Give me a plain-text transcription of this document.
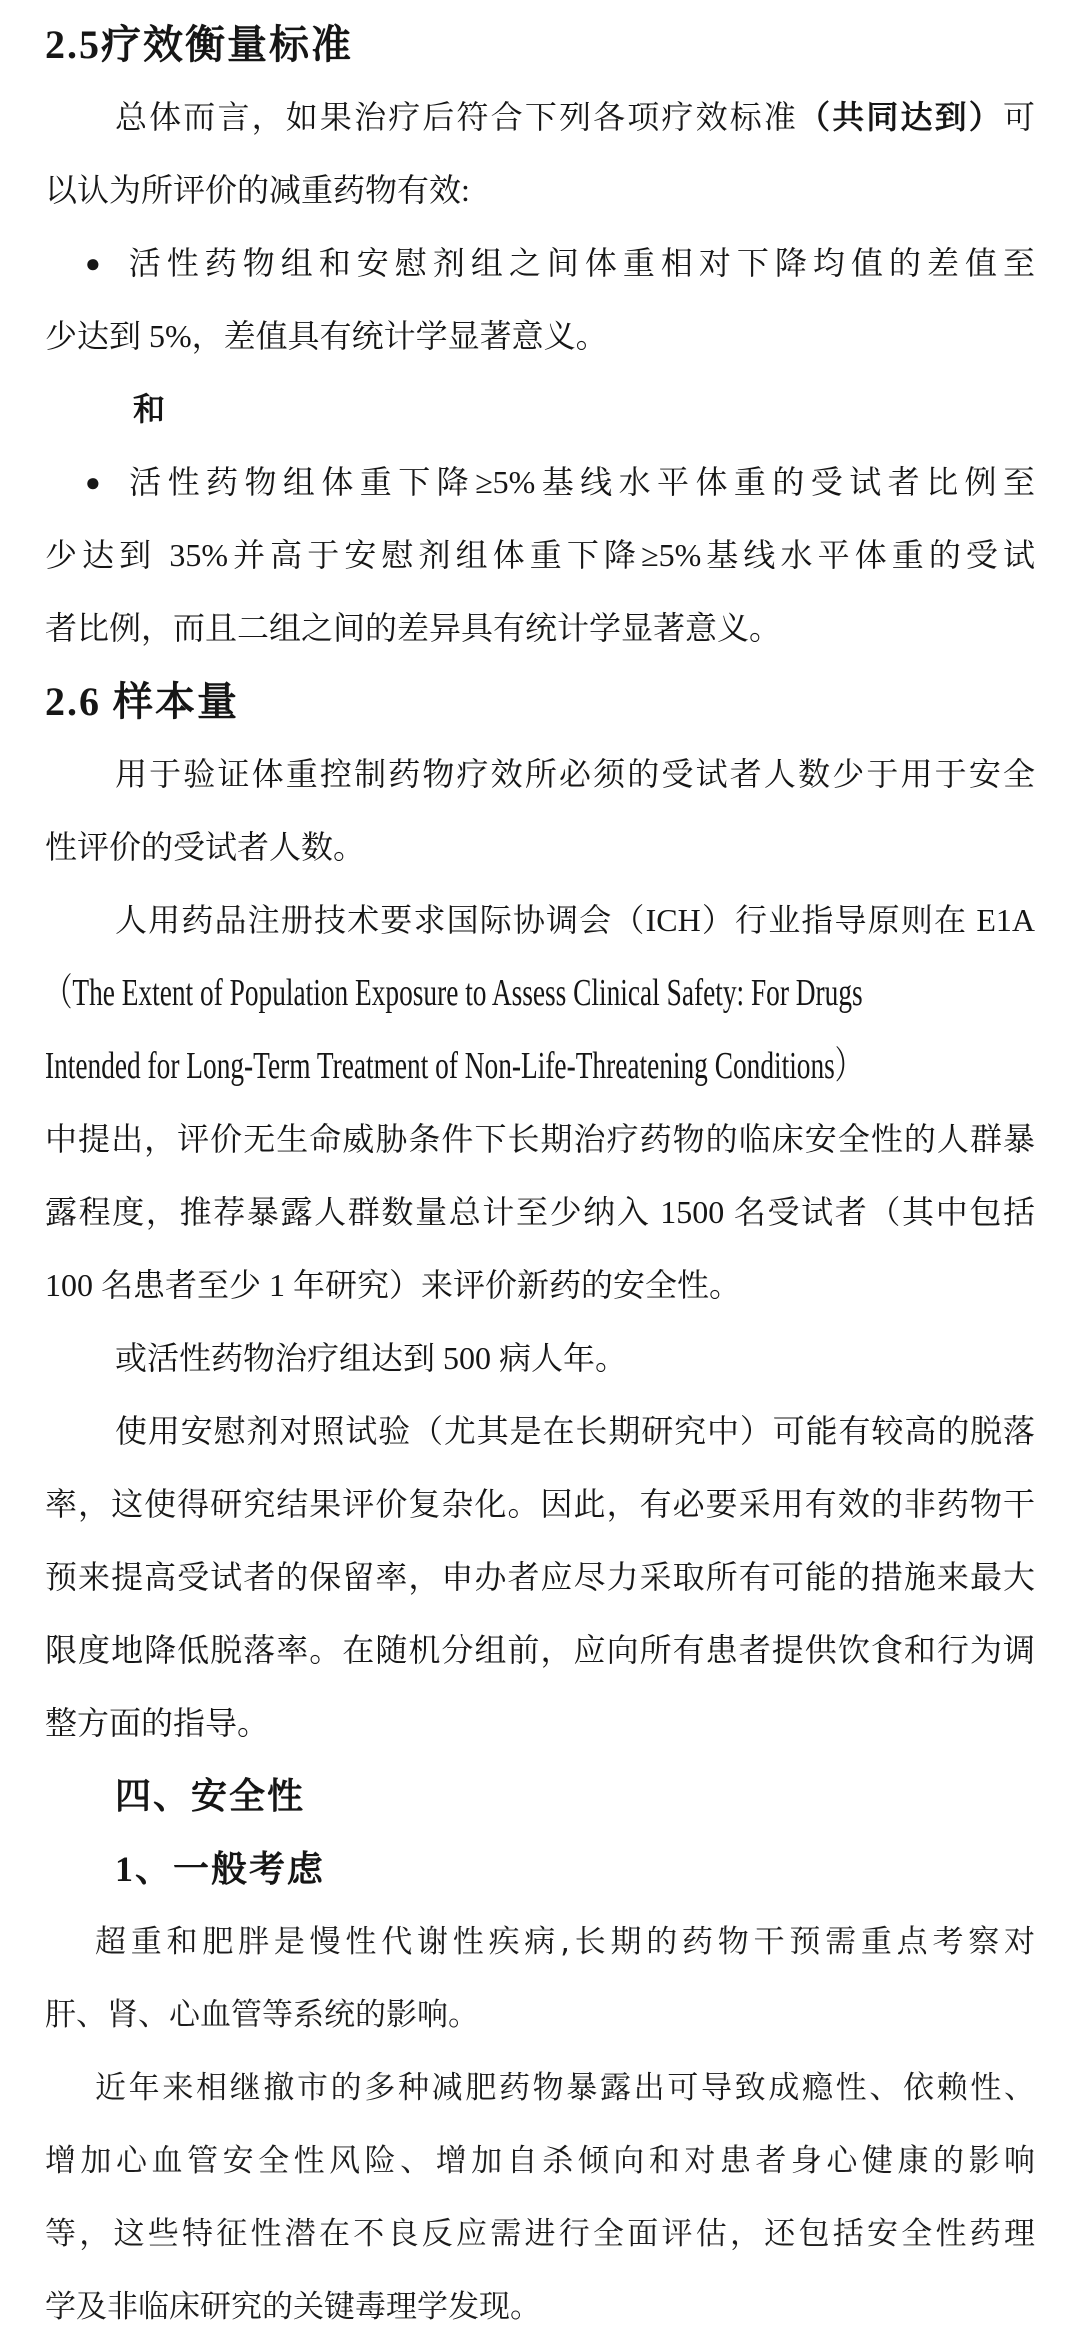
2.5疗效衡量标准
总体而言，如果治疗后符合下列各项疗效标准（共同达到）可
以认为所评价的减重药物有效:
● 活性药物组和安慰剂组之间体重相对下降均值的差值至
少达到 5%，差值具有统计学显著意义。
和
● 活性药物组体重下降≥5%基线水平体重的受试者比例至
少达到 35%并高于安慰剂组体重下降≥5%基线水平体重的受试
者比例，而且二组之间的差异具有统计学显著意义。
2.6 样本量
用于验证体重控制药物疗效所必须的受试者人数少于用于安全
性评价的受试者人数。
人用药品注册技术要求国际协调会（ICH）行业指导原则在 E1A
（The Extent of Population Exposure to Assess Clinical Safety: For Drugs
Intended for Long-Term Treatment of Non-Life-Threatening Conditions）
中提出，评价无生命威胁条件下长期治疗药物的临床安全性的人群暴
露程度，推荐暴露人群数量总计至少纳入 1500 名受试者（其中包括
100 名患者至少 1 年研究）来评价新药的安全性。
或活性药物治疗组达到 500 病人年。
使用安慰剂对照试验（尤其是在长期研究中）可能有较高的脱落
率，这使得研究结果评价复杂化。因此，有必要采用有效的非药物干
预来提高受试者的保留率，申办者应尽力采取所有可能的措施来最大
限度地降低脱落率。在随机分组前，应向所有患者提供饮食和行为调
整方面的指导。
四、安全性
1、一般考虑
超重和肥胖是慢性代谢性疾病,长期的药物干预需重点考察对
肝、肾、心血管等系统的影响。
近年来相继撤市的多种减肥药物暴露出可导致成瘾性、依赖性、
增加心血管安全性风险、增加自杀倾向和对患者身心健康的影响
等，这些特征性潜在不良反应需进行全面评估，还包括安全性药理
学及非临床研究的关键毒理学发现。
